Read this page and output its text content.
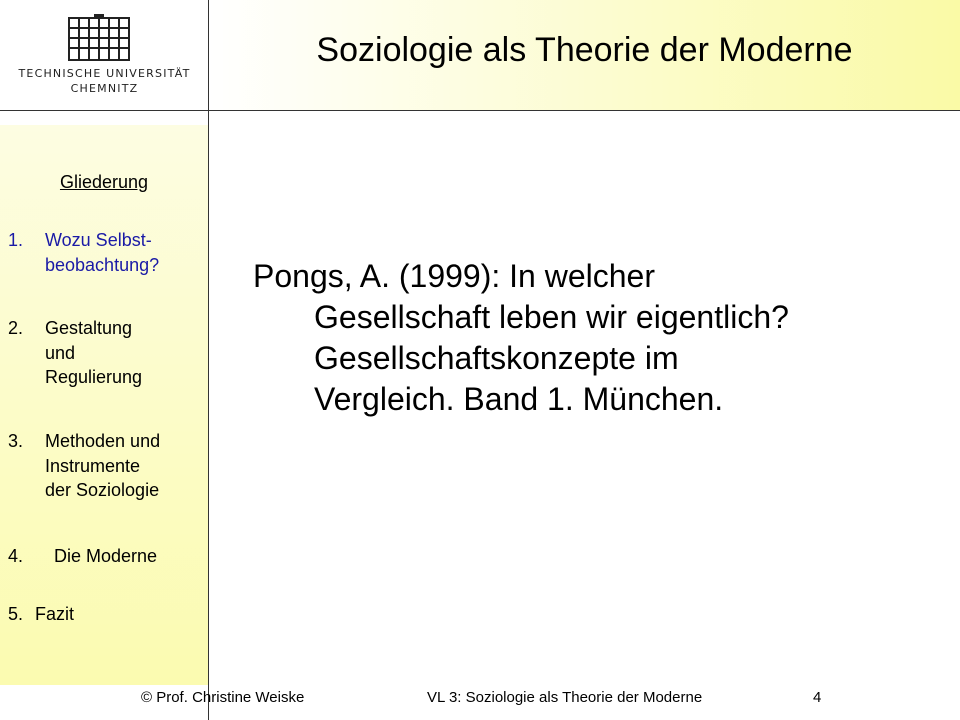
TECHNISCHE UNIVERSITÄT
CHEMNITZ
Soziologie als Theorie der Moderne
Gliederung
1. Wozu Selbst-
beobachtung?
2. Gestaltung
und
Regulierung
3. Methoden und
Instrumente
der Soziologie
4. Die Moderne
5. Fazit
Pongs, A. (1999): In welcher
Gesellschaft leben wir eigentlich?
Gesellschaftskonzepte im
Vergleich. Band 1. München.
© Prof. Christine Weiske	VL 3: Soziologie als Theorie der Moderne	4
